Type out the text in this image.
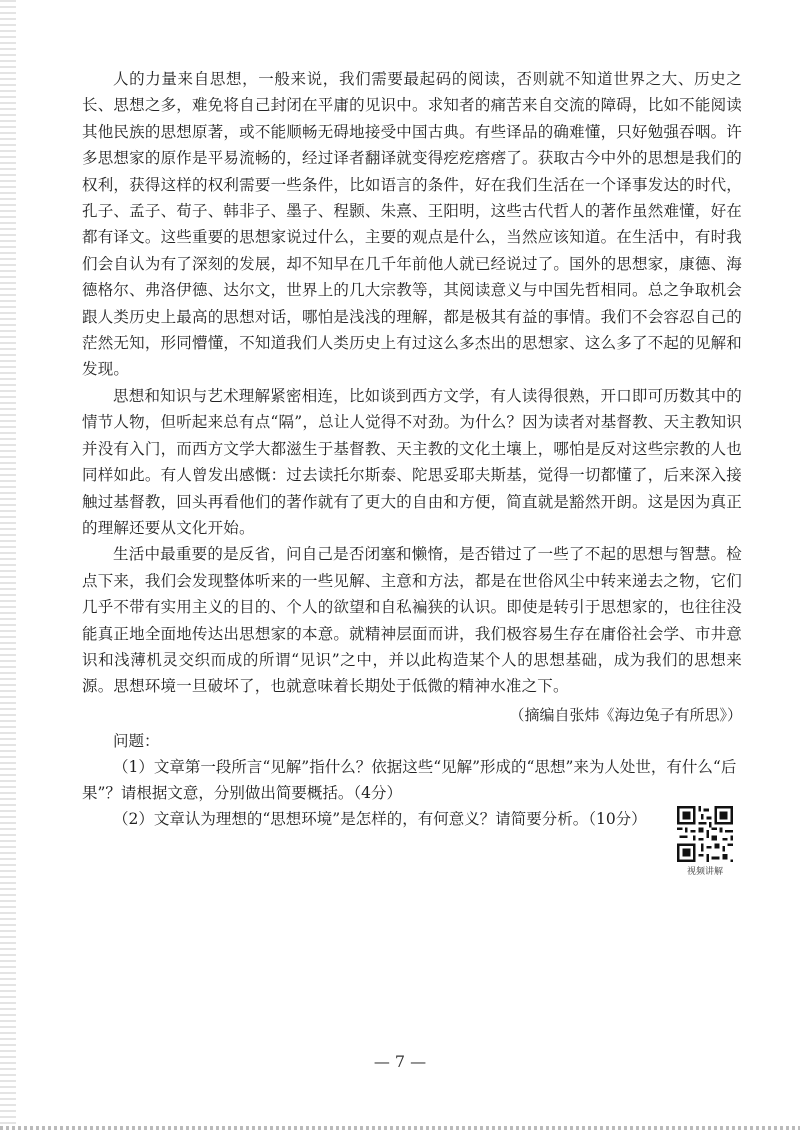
人的力量来自思想，一般来说，我们需要最起码的阅读，否则就不知道世界之大、历史之长、思想之多，难免将自己封闭在平庸的见识中。求知者的痛苦来自交流的障碍，比如不能阅读其他民族的思想原著，或不能顺畅无碍地接受中国古典。有些译品的确难懂，只好勉强吞咽。许多思想家的原作是平易流畅的，经过译者翻译就变得疙疙瘩瘩了。获取古今中外的思想是我们的权利，获得这样的权利需要一些条件，比如语言的条件，好在我们生活在一个译事发达的时代，孔子、孟子、荀子、韩非子、墨子、程颢、朱熹、王阳明，这些古代哲人的著作虽然难懂，好在都有译文。这些重要的思想家说过什么，主要的观点是什么，当然应该知道。在生活中，有时我们会自认为有了深刻的发展，却不知早在几千年前他人就已经说过了。国外的思想家，康德、海德格尔、弗洛伊德、达尔文，世界上的几大宗教等，其阅读意义与中国先哲相同。总之争取机会跟人类历史上最高的思想对话，哪怕是浅浅的理解，都是极其有益的事情。我们不会容忍自己的茫然无知，形同懵懂，不知道我们人类历史上有过这么多杰出的思想家、这么多了不起的见解和发现。

思想和知识与艺术理解紧密相连，比如谈到西方文学，有人读得很熟，开口即可历数其中的情节人物，但听起来总有点“隔”，总让人觉得不对劲。为什么？因为读者对基督教、天主教知识并没有入门，而西方文学大都滋生于基督教、天主教的文化土壤上，哪怕是反对这些宗教的人也同样如此。有人曾发出感慨：过去读托尔斯泰、陀思妥耶夫斯基，觉得一切都懂了，后来深入接触过基督教，回头再看他们的著作就有了更大的自由和方便，简直就是豁然开朗。这是因为真正的理解还要从文化开始。

生活中最重要的是反省，问自己是否闭塞和懒惰，是否错过了一些了不起的思想与智慧。检点下来，我们会发现整体听来的一些见解、主意和方法，都是在世俗风尘中转来递去之物，它们几乎不带有实用主义的目的、个人的欲望和自私褊狭的认识。即使是转引于思想家的，也往往没能真正地全面地传达出思想家的本意。就精神层面而讲，我们极容易生存在庸俗社会学、市井意识和浅薄机灵交织而成的所谓“见识”之中，并以此构造某个人的思想基础，成为我们的思想来源。思想环境一旦破坏了，也就意味着长期处于低微的精神水准之下。

（摘编自张炜《海边兔子有所思》）

问题：

（1）文章第一段所言“见解”指什么？依据这些“见解”形成的“思想”来为人处世，有什么“后果”？请根据文意，分别做出简要概括。（4分）

（2）文章认为理想的“思想环境”是怎样的，有何意义？请简要分析。（10分）

视频讲解
— 7 —
